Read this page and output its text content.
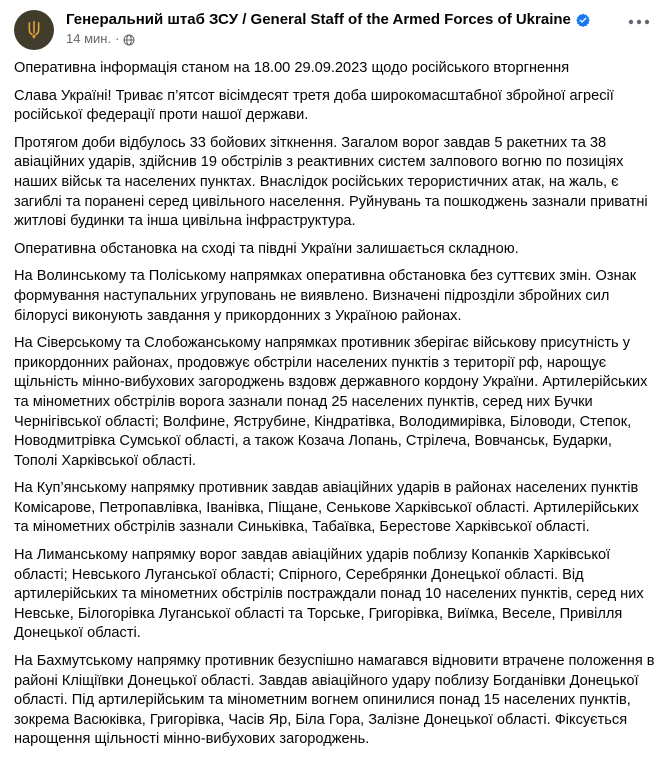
Генеральний штаб ЗСУ / General Staff of the Armed Forces of Ukraine
14 мин. ·

Оперативна інформація станом на 18.00 29.09.2023 щодо російського вторгнення

Слава Україні! Триває п’ятсот вісімдесят третя доба широкомасштабної збройної агресії російської федерації проти нашої держави.

Протягом доби відбулось 33 бойових зіткнення. Загалом ворог завдав 5 ракетних та 38 авіаційних ударів, здійснив 19 обстрілів з реактивних систем залпового вогню по позиціях наших військ та населених пунктах. Внаслідок російських терористичних атак, на жаль, є загиблі та поранені серед цивільного населення. Руйнувань та пошкоджень зазнали приватні житлові будинки та інша цивільна інфраструктура.

Оперативна обстановка на сході та півдні України залишається складною.

На Волинському та Поліському напрямках оперативна обстановка без суттєвих змін. Ознак формування наступальних угруповань не виявлено. Визначені підрозділи збройних сил білорусі виконують завдання у прикордонних з Україною районах.

На Сіверському та Слобожанському напрямках противник зберігає військову присутність у прикордонних районах, продовжує обстріли населених пунктів з території рф, нарощує щільність мінно-вибухових загороджень вздовж державного кордону України. Артилерійських та мінометних обстрілів ворога зазнали понад 25 населених пунктів, серед них Бучки Чернігівської області; Волфине, Яструбине, Кіндратівка, Володимирівка, Біловоди, Степок, Новодмитрівка Сумської області, а також Козача Лопань, Стрілеча, Вовчанськ, Бударки, Тополі Харківської області.

На Куп’янському напрямку противник завдав авіаційних ударів в районах населених пунктів Комісарове, Петропавлівка, Іванівка, Піщане, Сенькове Харківської області. Артилерійських та мінометних обстрілів зазнали Синьківка, Табаївка, Берестове Харківської області.

На Лиманському напрямку ворог завдав авіаційних ударів поблизу Копанків Харківської області; Невського Луганської області; Спірного, Серебрянки Донецької області. Від артилерійських та мінометних обстрілів постраждали понад 10 населених пунктів, серед них Невське, Білогорівка Луганської області та Торське, Григорівка, Виїмка, Веселе, Привілля Донецької області.

На Бахмутському напрямку противник безуспішно намагався відновити втрачене положення в районі Кліщіївки Донецької області. Завдав авіаційного удару поблизу Богданівки Донецької області. Під артилерійським та мінометним вогнем опинилися понад 15 населених пунктів, зокрема Васюківка, Григорівка, Часів Яр, Біла Гора, Залізне Донецької області. Фіксується нарощення щільності мінно-вибухових загороджень.
